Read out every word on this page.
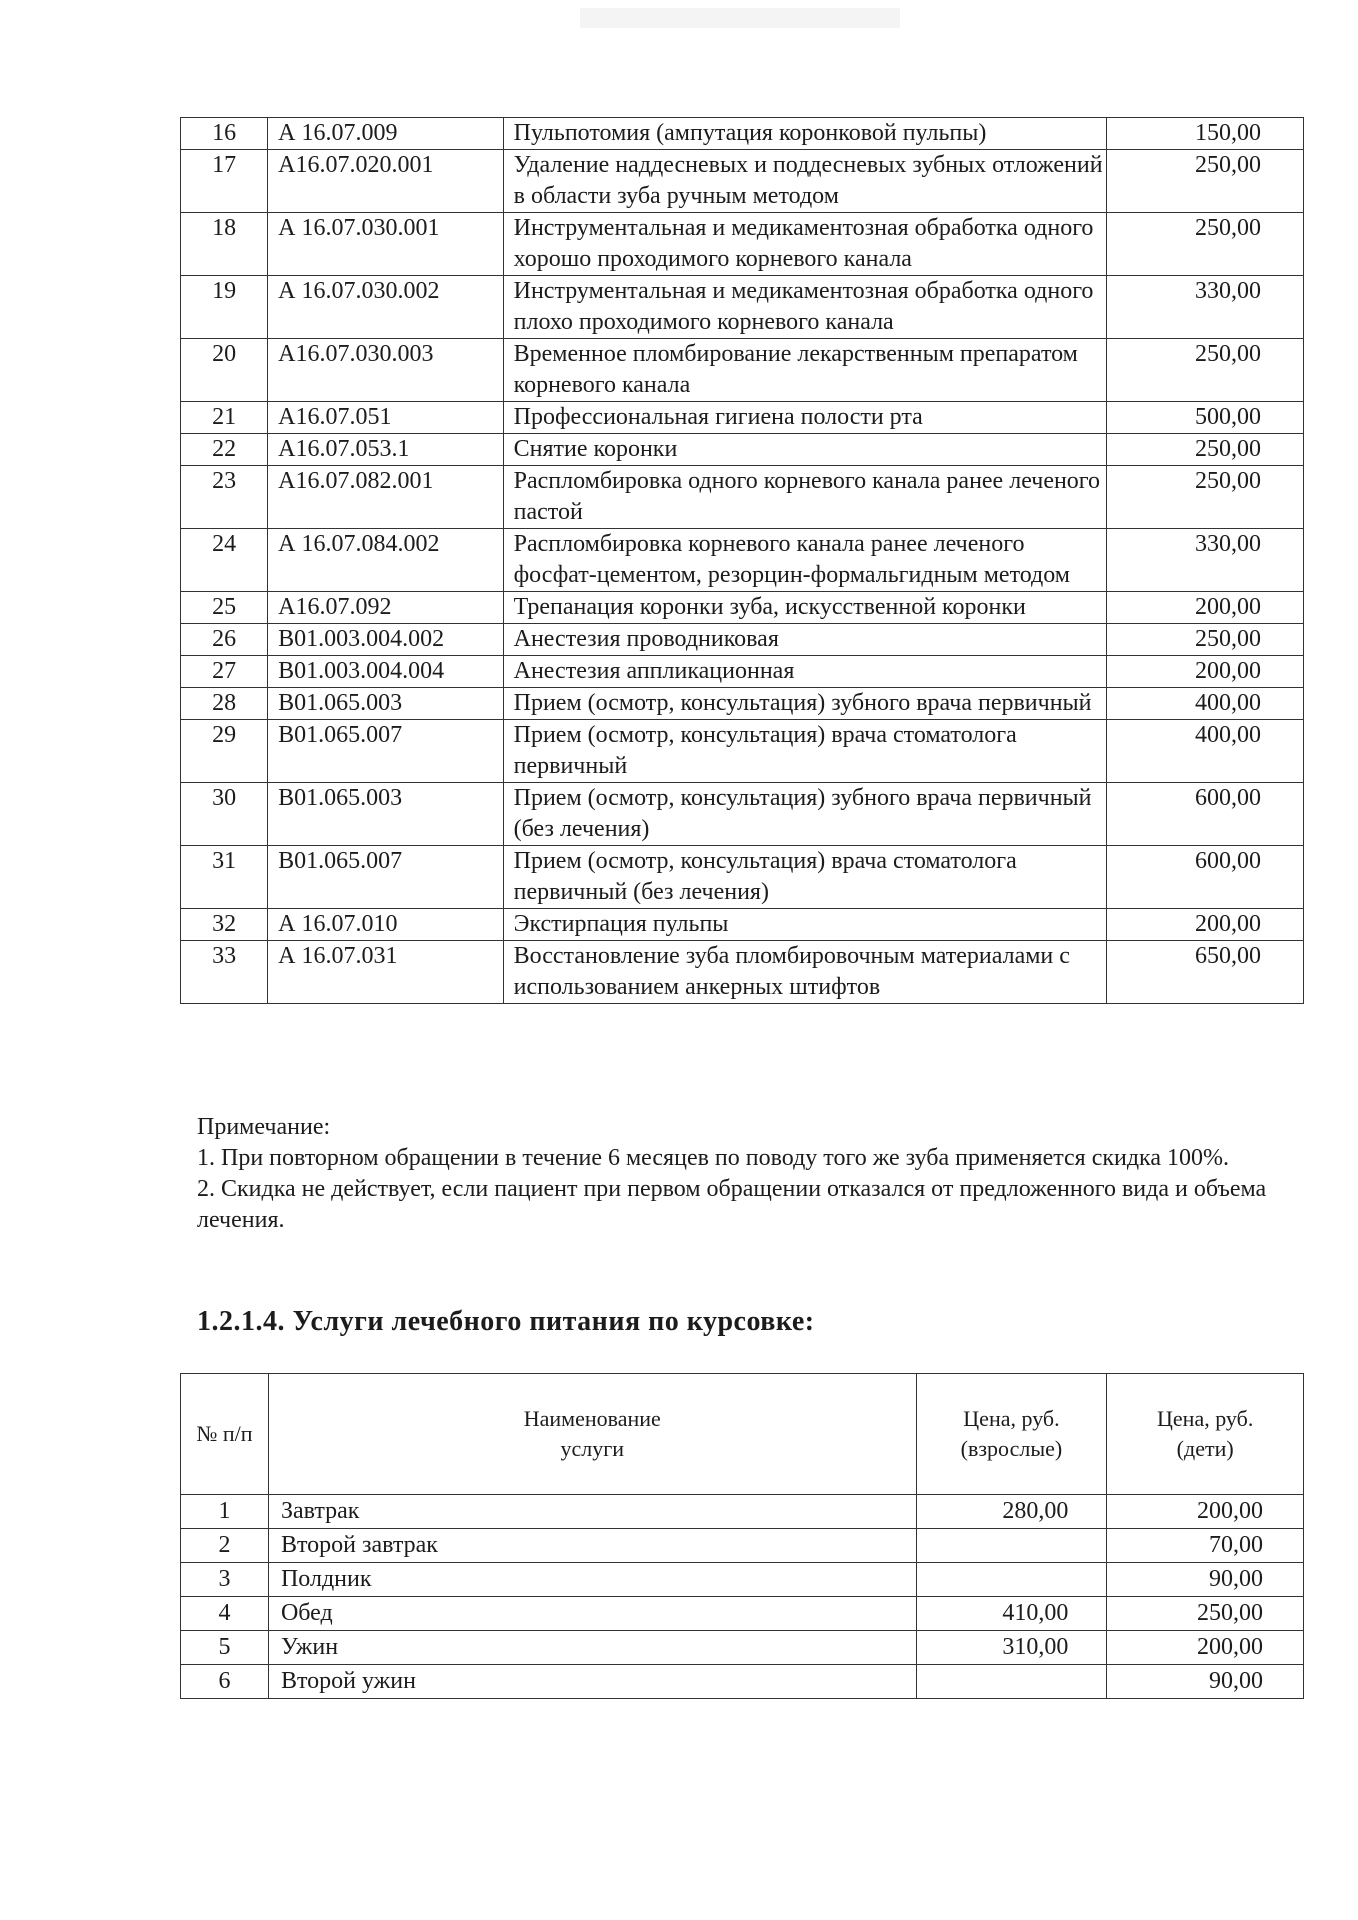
16	А 16.07.009	Пульпотомия (ампутация коронковой пульпы)	150,00
17	А16.07.020.001	Удаление наддесневых и поддесневых зубных отложений в области зуба ручным методом	250,00
18	А 16.07.030.001	Инструментальная и медикаментозная обработка одного хорошо проходимого корневого канала	250,00
19	А 16.07.030.002	Инструментальная и медикаментозная обработка одного плохо проходимого корневого канала	330,00
20	А16.07.030.003	Временное пломбирование лекарственным препаратом корневого канала	250,00
21	А16.07.051	Профессиональная гигиена полости рта	500,00
22	А16.07.053.1	Снятие коронки	250,00
23	А16.07.082.001	Распломбировка одного корневого канала ранее леченого пастой	250,00
24	А 16.07.084.002	Распломбировка корневого канала ранее леченого фосфат-цементом, резорцин-формальгидным методом	330,00
25	А16.07.092	Трепанация коронки зуба, искусственной коронки	200,00
26	В01.003.004.002	Анестезия проводниковая	250,00
27	В01.003.004.004	Анестезия аппликационная	200,00
28	В01.065.003	Прием (осмотр, консультация) зубного врача первичный	400,00
29	В01.065.007	Прием (осмотр, консультация) врача стоматолога первичный	400,00
30	В01.065.003	Прием (осмотр, консультация) зубного врача первичный (без лечения)	600,00
31	В01.065.007	Прием (осмотр, консультация) врача стоматолога первичный (без лечения)	600,00
32	А 16.07.010	Экстирпация пульпы	200,00
33	А 16.07.031	Восстановление зуба пломбировочным материалами с использованием анкерных штифтов	650,00
Примечание:
1. При повторном обращении в течение 6 месяцев по поводу того же зуба применяется скидка 100%.
2. Скидка не действует, если пациент при первом обращении отказался от предложенного вида и объема лечения.
1.2.1.4. Услуги лечебного питания по курсовке:
№ п/п	Наименование услуги	Цена, руб. (взрослые)	Цена, руб. (дети)
1	Завтрак	280,00	200,00
2	Второй завтрак		70,00
3	Полдник		90,00
4	Обед	410,00	250,00
5	Ужин	310,00	200,00
6	Второй ужин		90,00
